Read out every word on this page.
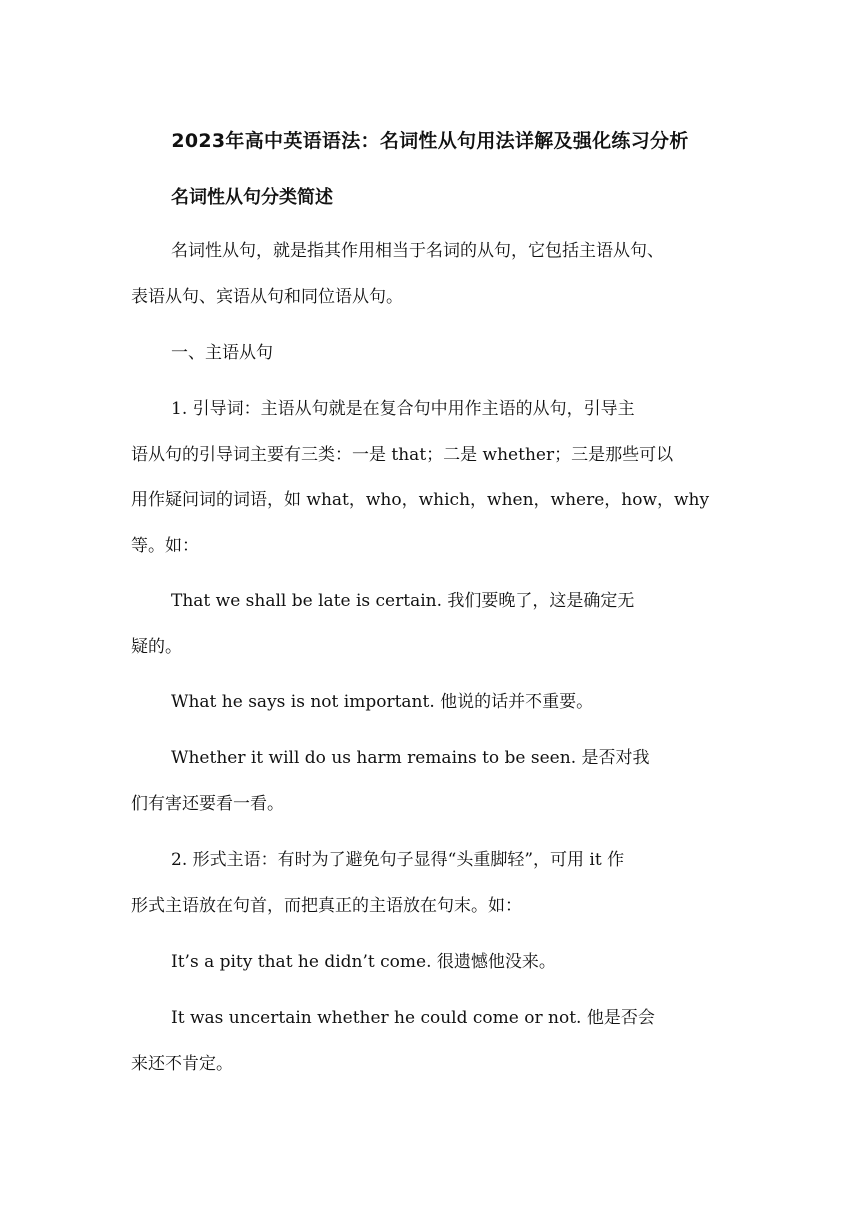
2023年高中英语语法：名词性从句用法详解及强化练习分析
名词性从句分类简述
名词性从句，就是指其作用相当于名词的从句，它包括主语从句、
表语从句、宾语从句和同位语从句。
一、主语从句
1. 引导词：主语从句就是在复合句中用作主语的从句，引导主
语从句的引导词主要有三类：一是 that；二是 whether；三是那些可以
用作疑问词的词语，如 what，who，which，when，where，how，why
等。如：
That we shall be late is certain. 我们要晚了，这是确定无
疑的。
What he says is not important. 他说的话并不重要。
Whether it will do us harm remains to be seen. 是否对我
们有害还要看一看。
2. 形式主语：有时为了避免句子显得“头重脚轻”，可用 it 作
形式主语放在句首，而把真正的主语放在句末。如：
It’s a pity that he didn’t come. 很遗憾他没来。
It was uncertain whether he could come or not. 他是否会
来还不肯定。
